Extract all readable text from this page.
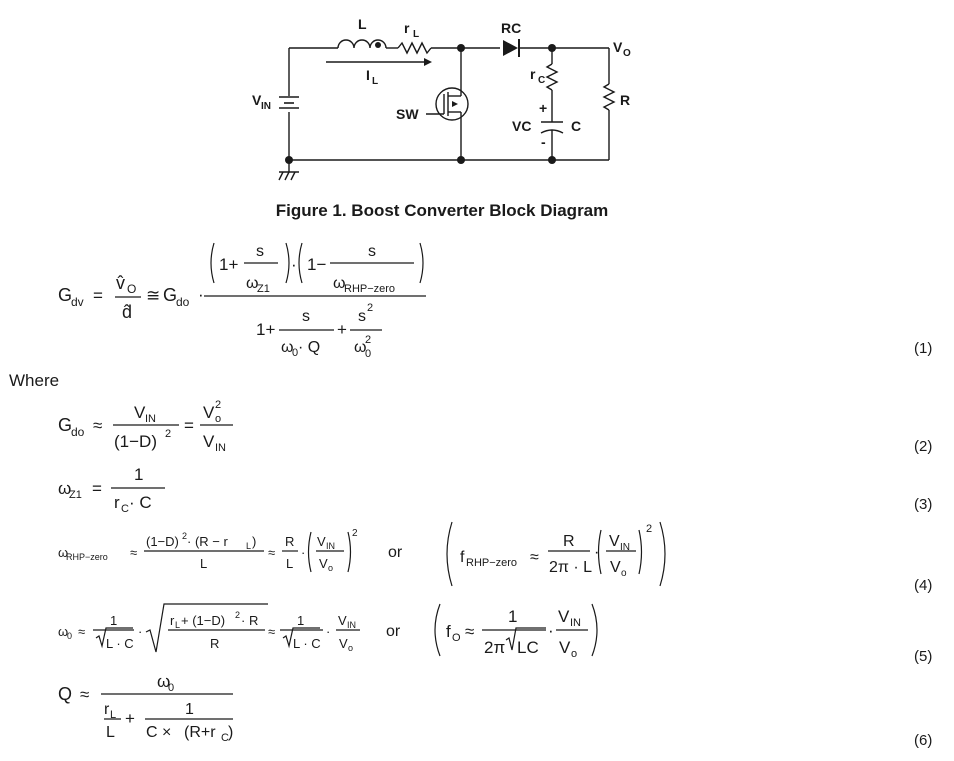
L	r L
I L
RC
V O
V IN	SW
r C
R
VC	C
+
-
Figure 1. Boost Converter Block Diagram
G
dv =
v̂ O
d̂
≅ G
do ·
1+
s
ω
Z1
· 1−
s
ω
RHP−zero
1+
s
ω
0 · Q
+
s 2
ω
0
2
G
do ≈
V IN
(1−D) 2 =
V o
2
V IN
ω
Z1 =
1
r C · C
ω
RHP−zero ≈
(1−D) 2 · (R − r L )
L
≈
R
L
·
V IN
V o
2
or	f RHP−zero ≈
R
2π · L
·
V IN
V o
2
ω
0 ≈
1
L · C
·
r L + (1−D) 2 · R
R
≈
1
L · C
·
V IN
V o
or	f O ≈
1
2π LC
·
V IN
V o
Q ≈
ω
0
r L
L
+	1
C × (R+r C )
Where
(1)
(2)
(3)
(4)
(5)
(6)
